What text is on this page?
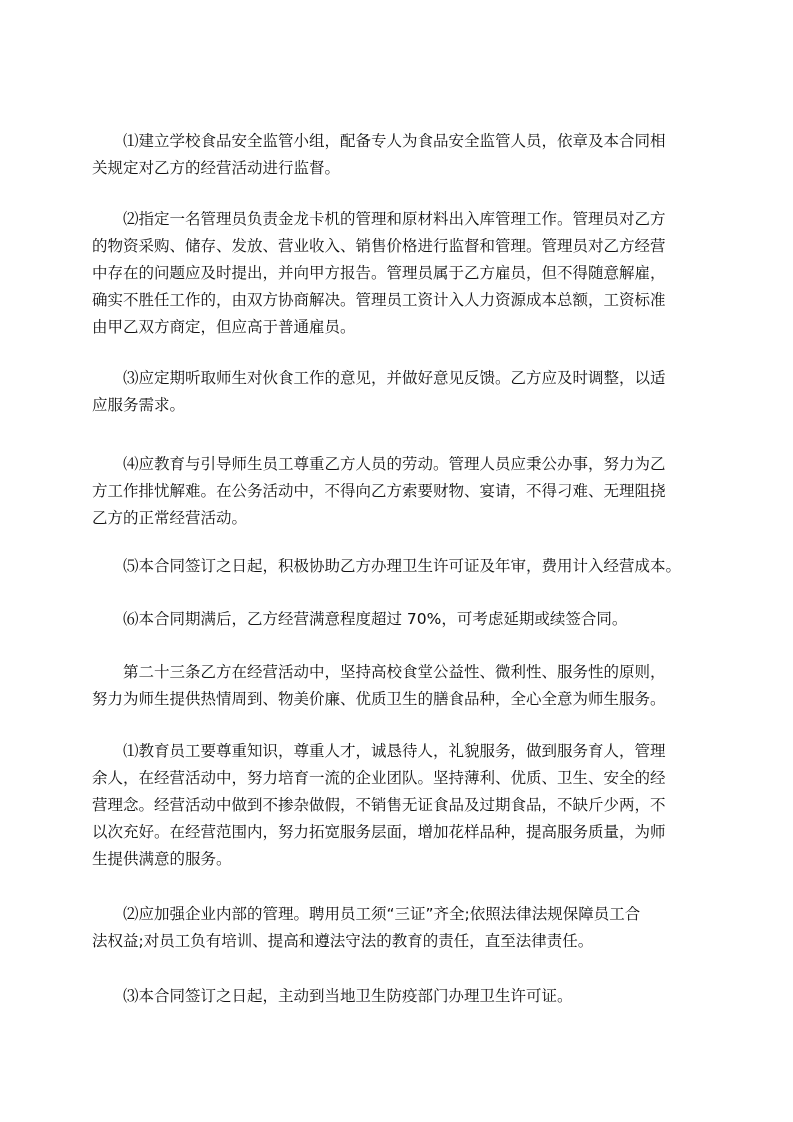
　　⑴建立学校食品安全监管小组，配备专人为食品安全监管人员，依章及本合同相
关规定对乙方的经营活动进行监督。

　　⑵指定一名管理员负责金龙卡机的管理和原材料出入库管理工作。管理员对乙方
的物资采购、储存、发放、营业收入、销售价格进行监督和管理。管理员对乙方经营
中存在的问题应及时提出，并向甲方报告。管理员属于乙方雇员，但不得随意解雇，
确实不胜任工作的，由双方协商解决。管理员工资计入人力资源成本总额，工资标准
由甲乙双方商定，但应高于普通雇员。

　　⑶应定期听取师生对伙食工作的意见，并做好意见反馈。乙方应及时调整，以适
应服务需求。

　　⑷应教育与引导师生员工尊重乙方人员的劳动。管理人员应秉公办事，努力为乙
方工作排忧解难。在公务活动中，不得向乙方索要财物、宴请，不得刁难、无理阻挠
乙方的正常经营活动。

　　⑸本合同签订之日起，积极协助乙方办理卫生许可证及年审，费用计入经营成本。

　　⑹本合同期满后，乙方经营满意程度超过 70%，可考虑延期或续签合同。

　　第二十三条乙方在经营活动中，坚持高校食堂公益性、微利性、服务性的原则，
努力为师生提供热情周到、物美价廉、优质卫生的膳食品种，全心全意为师生服务。

　　⑴教育员工要尊重知识，尊重人才，诚恳待人，礼貌服务，做到服务育人，管理
余人，在经营活动中，努力培育一流的企业团队。坚持薄利、优质、卫生、安全的经
营理念。经营活动中做到不掺杂做假，不销售无证食品及过期食品，不缺斤少两，不
以次充好。在经营范围内，努力拓宽服务层面，增加花样品种，提高服务质量，为师
生提供满意的服务。

　　⑵应加强企业内部的管理。聘用员工须“三证”齐全;依照法律法规保障员工合
法权益;对员工负有培训、提高和遵法守法的教育的责任，直至法律责任。

　　⑶本合同签订之日起，主动到当地卫生防疫部门办理卫生许可证。
